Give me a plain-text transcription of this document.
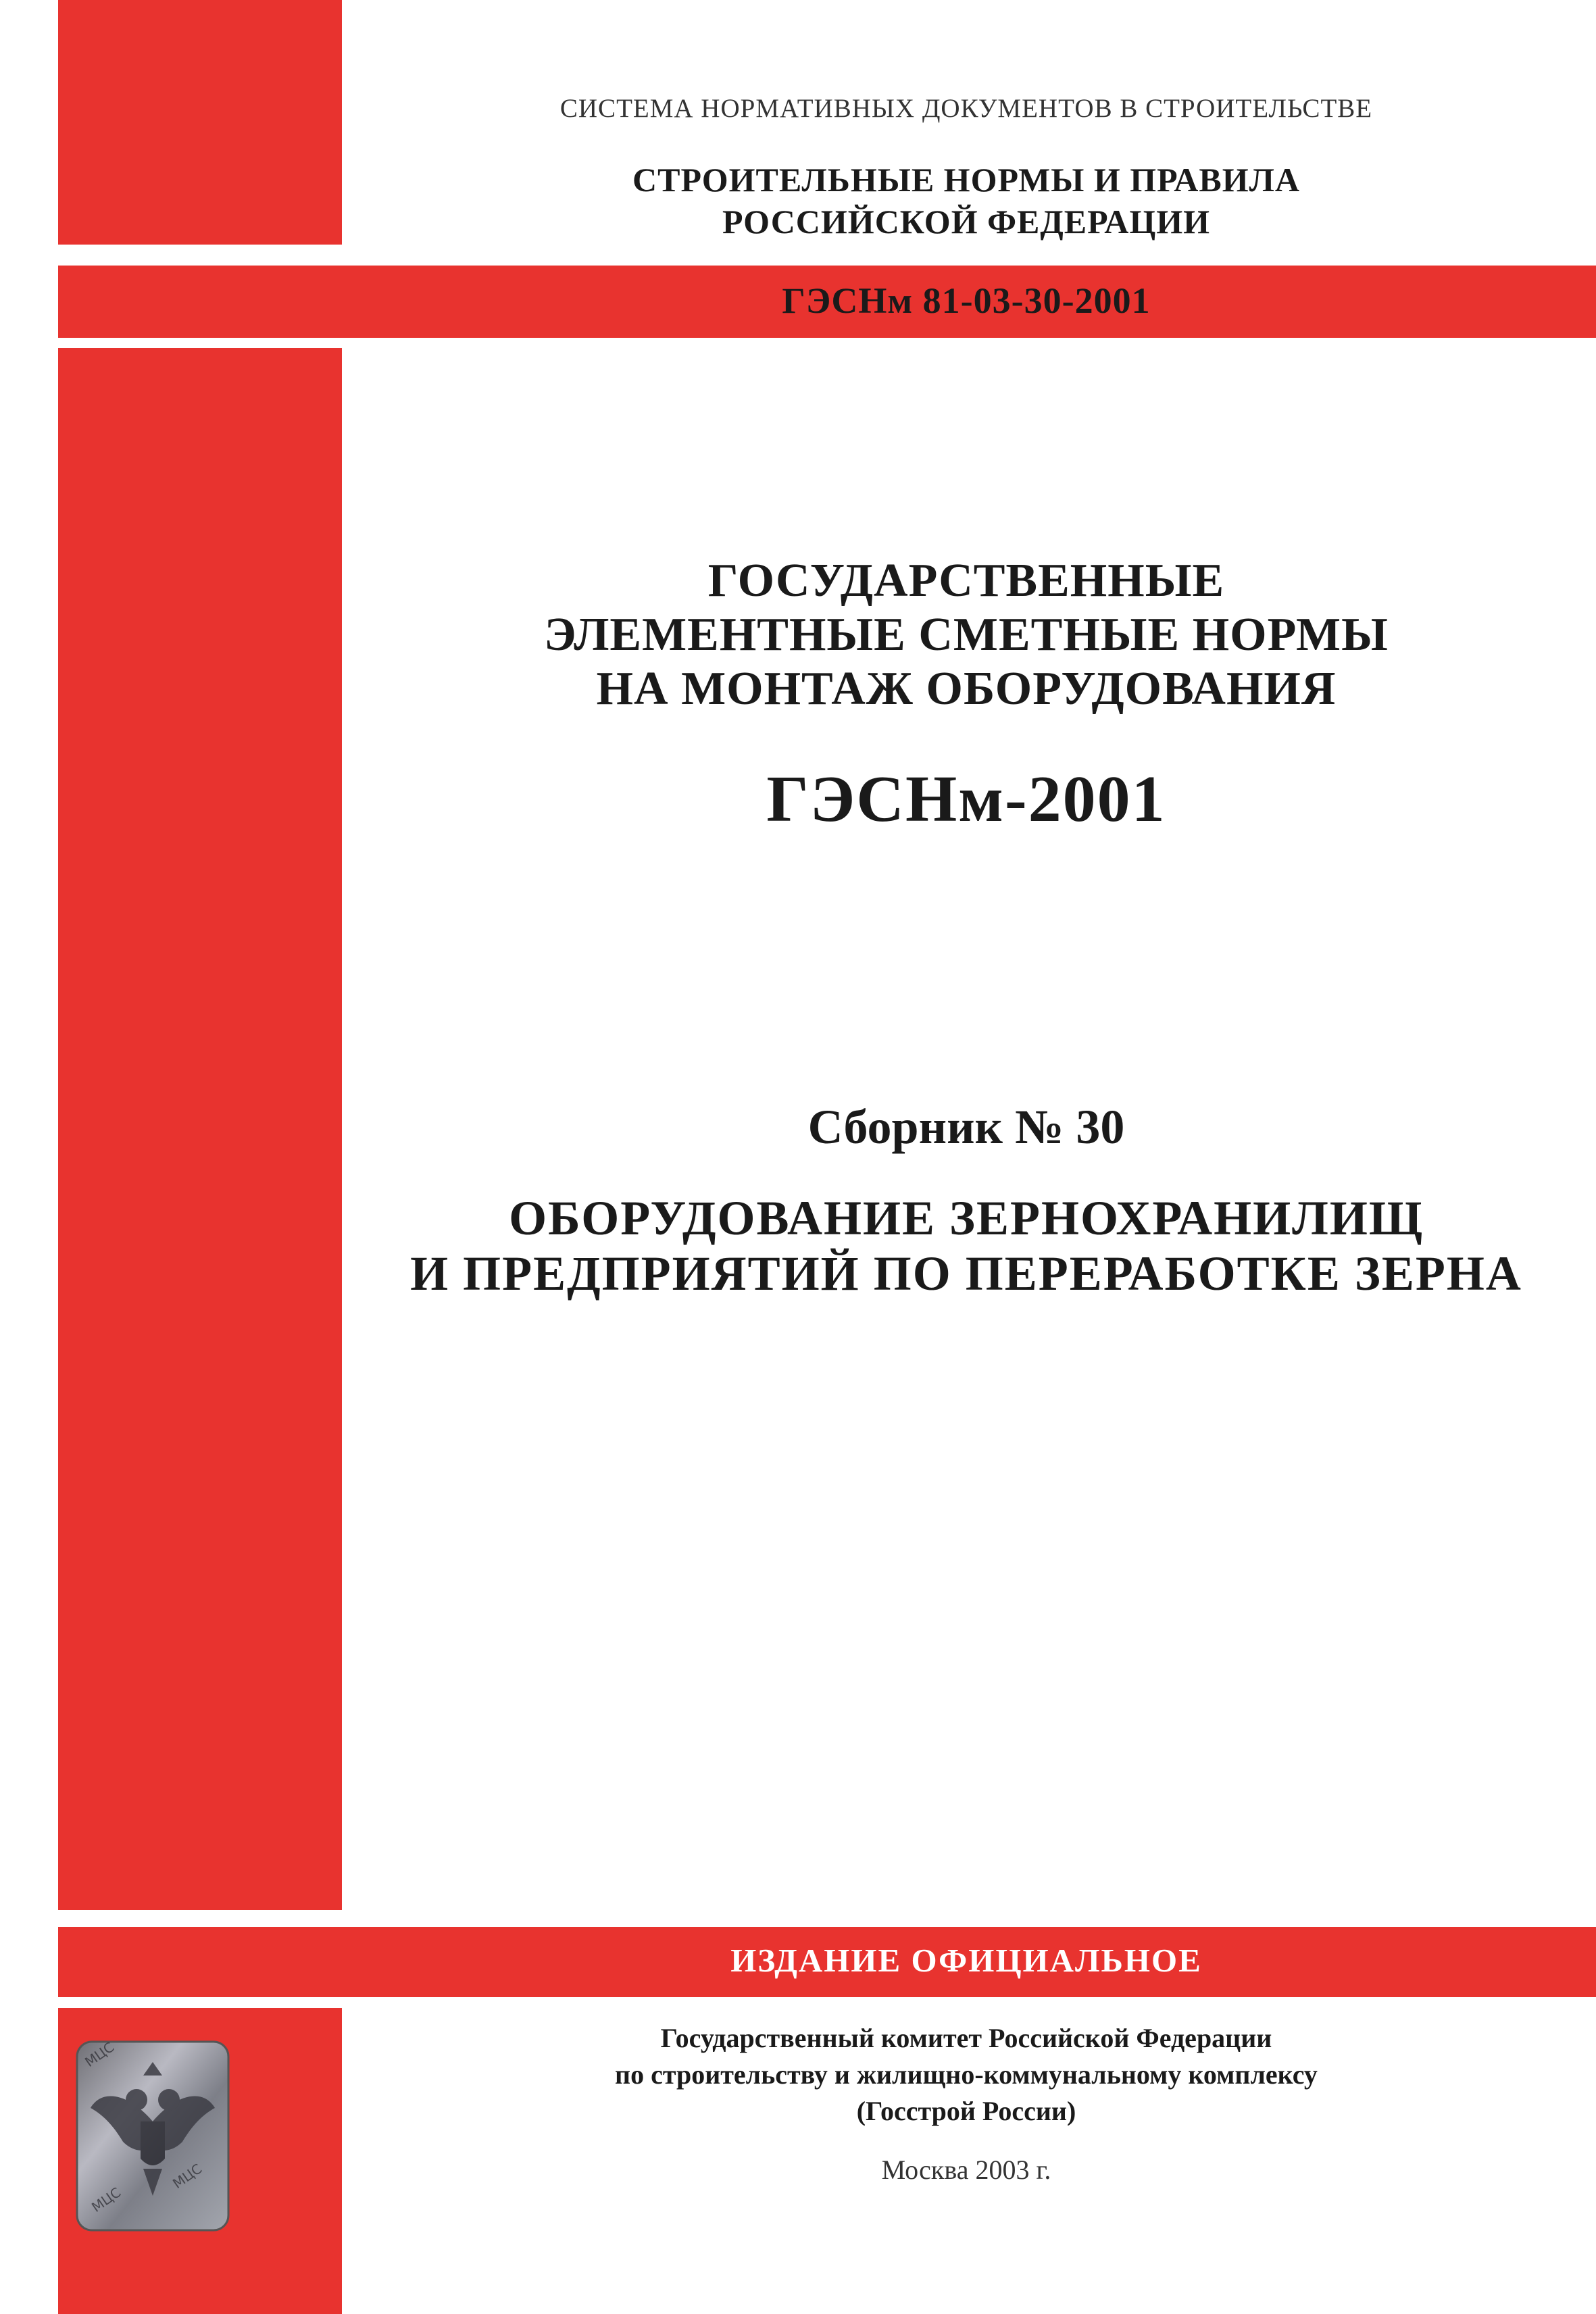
СИСТЕМА НОРМАТИВНЫХ ДОКУМЕНТОВ В СТРОИТЕЛЬСТВЕ

СТРОИТЕЛЬНЫЕ НОРМЫ И ПРАВИЛА
РОССИЙСКОЙ ФЕДЕРАЦИИ

ГЭСНм 81-03-30-2001

ГОСУДАРСТВЕННЫЕ
ЭЛЕМЕНТНЫЕ СМЕТНЫЕ НОРМЫ
НА МОНТАЖ ОБОРУДОВАНИЯ

ГЭСНм-2001

Сборник № 30

ОБОРУДОВАНИЕ ЗЕРНОХРАНИЛИЩ
И ПРЕДПРИЯТИЙ ПО ПЕРЕРАБОТКЕ ЗЕРНА

ИЗДАНИЕ ОФИЦИАЛЬНОЕ

Государственный комитет Российской Федерации
по строительству и жилищно-коммунальному комплексу
(Госстрой России)

Москва 2003 г.

МЦС
МЦС
МЦС
